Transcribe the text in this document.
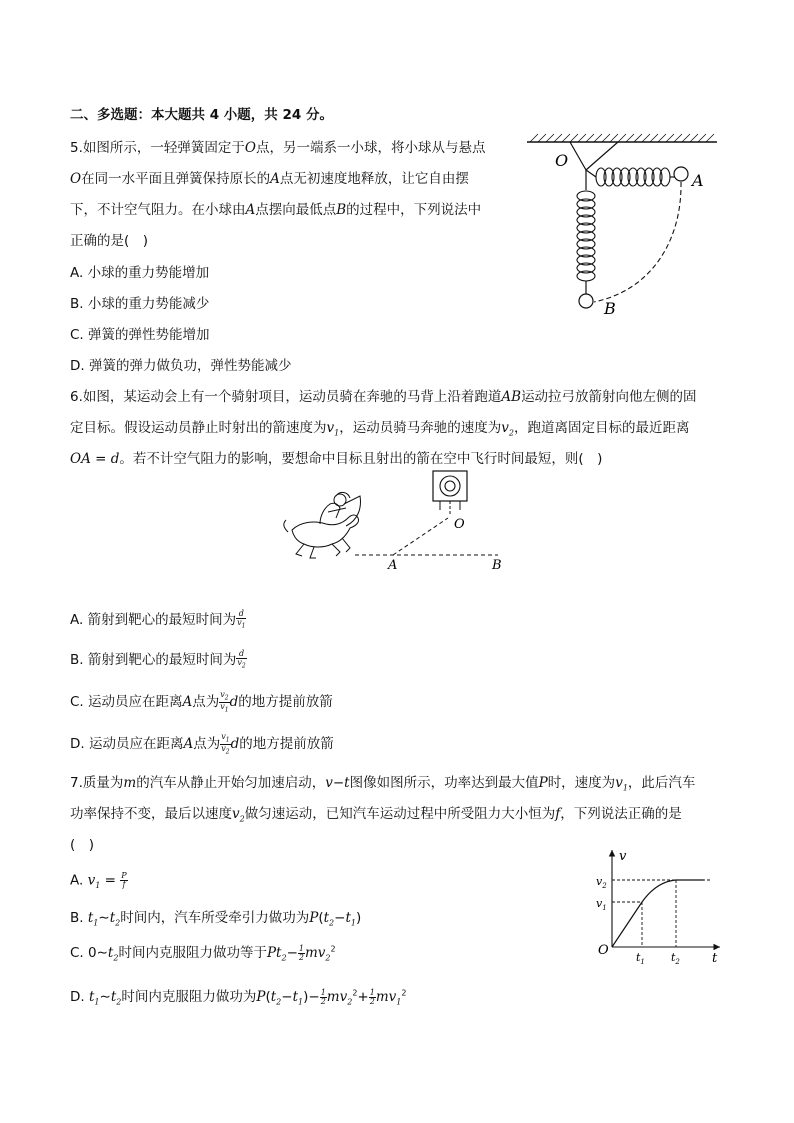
二、多选题：本大题共 4 小题，共 24 分。
5.如图所示，一轻弹簧固定于O点，另一端系一小球，将小球从与悬点
O在同一水平面且弹簧保持原长的A点无初速度地释放，让它自由摆
下，不计空气阻力。在小球由A点摆向最低点B的过程中，下列说法中
正确的是(　)
A. 小球的重力势能增加
B. 小球的重力势能减少
C. 弹簧的弹性势能增加
D. 弹簧的弹力做负功，弹性势能减少
O
A
B
6.如图，某运动会上有一个骑射项目，运动员骑在奔驰的马背上沿着跑道AB运动拉弓放箭射向他左侧的固
定目标。假设运动员静止时射出的箭速度为$v_1$，运动员骑马奔驰的速度为$v_2$，跑道离固定目标的最近距离
OA = d。若不计空气阻力的影响，要想命中目标且射出的箭在空中飞行时间最短，则(　)
O
A	B
A. 箭射到靶心的最短时间为 $\frac{d}{v_1}$
B. 箭射到靶心的最短时间为 $\frac{d}{v_2}$
C. 运动员应在距离A点为 $\frac{v_2}{v_1}$ d的地方提前放箭
D. 运动员应在距离A点为 $\frac{v_1}{v_2}$ d的地方提前放箭
7.质量为m的汽车从静止开始匀加速启动，v−t图像如图所示，功率达到最大值P时，速度为$v_1$，此后汽车
功率保持不变，最后以速度$v_2$做匀速运动，已知汽车运动过程中所受阻力大小恒为f，下列说法正确的是
(　)
A. $v_1 = \frac{P}{f}$
B. $t_1\sim t_2$时间内，汽车所受牵引力做功为$P(t_2-t_1)$
C. $0\sim t_2$时间内克服阻力做功等于$Pt_2- \frac{1}{2} mv_2^2$
D. $t_1\sim t_2$时间内克服阻力做功为$P(t_2-t_1)- \frac{1}{2} mv_2^2+ \frac{1}{2} mv_1^2$
v
t
O
$v_2$
$v_1$
$t_1$ $t_2$
